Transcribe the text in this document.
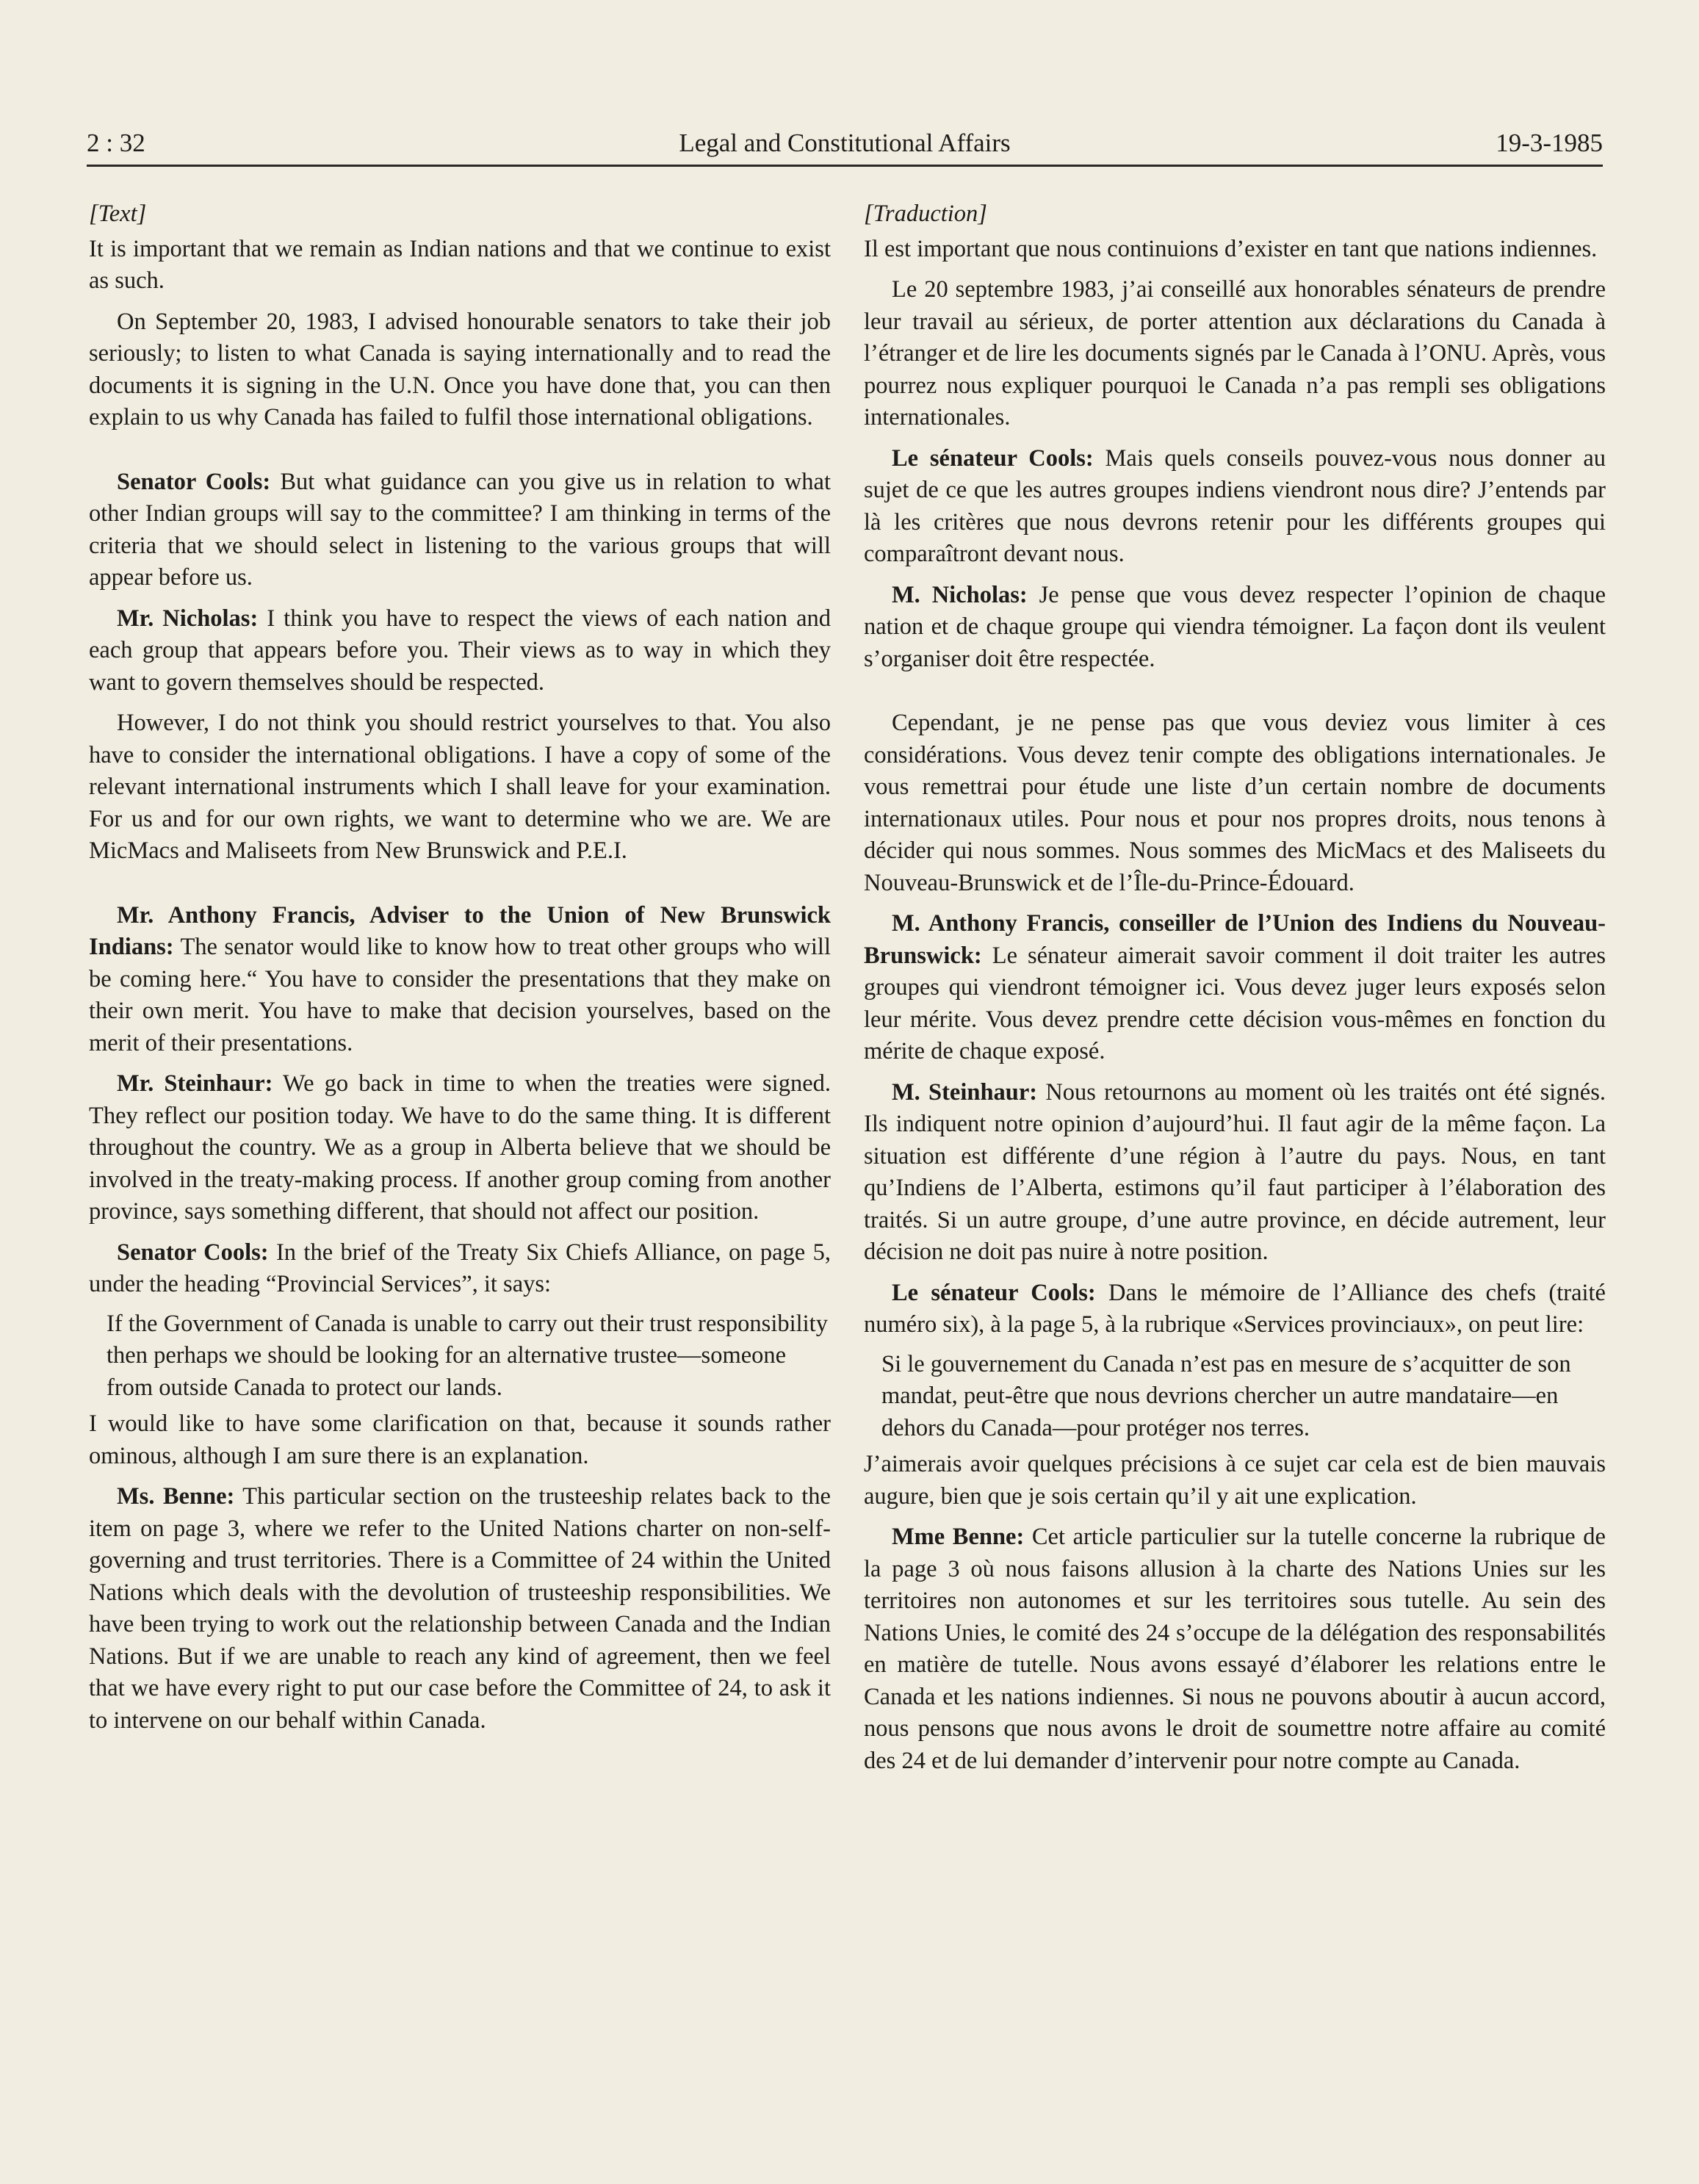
2 : 32	Legal and Constitutional Affairs	19-3-1985

[Text]

It is important that we remain as Indian nations and that we continue to exist as such.

On September 20, 1983, I advised honourable senators to take their job seriously; to listen to what Canada is saying internationally and to read the documents it is signing in the U.N. Once you have done that, you can then explain to us why Canada has failed to fulfil those international obligations.

Senator Cools: But what guidance can you give us in relation to what other Indian groups will say to the committee? I am thinking in terms of the criteria that we should select in listening to the various groups that will appear before us.

Mr. Nicholas: I think you have to respect the views of each nation and each group that appears before you. Their views as to way in which they want to govern themselves should be respected.

However, I do not think you should restrict yourselves to that. You also have to consider the international obligations. I have a copy of some of the relevant international instruments which I shall leave for your examination. For us and for our own rights, we want to determine who we are. We are MicMacs and Maliseets from New Brunswick and P.E.I.

Mr. Anthony Francis, Adviser to the Union of New Brunswick Indians: The senator would like to know how to treat other groups who will be coming here.“ You have to consider the presentations that they make on their own merit. You have to make that decision yourselves, based on the merit of their presentations.

Mr. Steinhaur: We go back in time to when the treaties were signed. They reflect our position today. We have to do the same thing. It is different throughout the country. We as a group in Alberta believe that we should be involved in the treaty-making process. If another group coming from another province, says something different, that should not affect our position.

Senator Cools: In the brief of the Treaty Six Chiefs Alliance, on page 5, under the heading “Provincial Services”, it says:

If the Government of Canada is unable to carry out their trust responsibility then perhaps we should be looking for an alternative trustee—someone from outside Canada to protect our lands.

I would like to have some clarification on that, because it sounds rather ominous, although I am sure there is an explanation.

Ms. Benne: This particular section on the trusteeship relates back to the item on page 3, where we refer to the United Nations charter on non-self-governing and trust territories. There is a Committee of 24 within the United Nations which deals with the devolution of trusteeship responsibilities. We have been trying to work out the relationship between Canada and the Indian Nations. But if we are unable to reach any kind of agreement, then we feel that we have every right to put our case before the Committee of 24, to ask it to intervene on our behalf within Canada.

[Traduction]

Il est important que nous continuions d’exister en tant que nations indiennes.

Le 20 septembre 1983, j’ai conseillé aux honorables sénateurs de prendre leur travail au sérieux, de porter attention aux déclarations du Canada à l’étranger et de lire les documents signés par le Canada à l’ONU. Après, vous pourrez nous expliquer pourquoi le Canada n’a pas rempli ses obligations internationales.

Le sénateur Cools: Mais quels conseils pouvez-vous nous donner au sujet de ce que les autres groupes indiens viendront nous dire? J’entends par là les critères que nous devrons retenir pour les différents groupes qui comparaîtront devant nous.

M. Nicholas: Je pense que vous devez respecter l’opinion de chaque nation et de chaque groupe qui viendra témoigner. La façon dont ils veulent s’organiser doit être respectée.

Cependant, je ne pense pas que vous deviez vous limiter à ces considérations. Vous devez tenir compte des obligations internationales. Je vous remettrai pour étude une liste d’un certain nombre de documents internationaux utiles. Pour nous et pour nos propres droits, nous tenons à décider qui nous sommes. Nous sommes des MicMacs et des Maliseets du Nouveau-Brunswick et de l’Île-du-Prince-Édouard.

M. Anthony Francis, conseiller de l’Union des Indiens du Nouveau-Brunswick: Le sénateur aimerait savoir comment il doit traiter les autres groupes qui viendront témoigner ici. Vous devez juger leurs exposés selon leur mérite. Vous devez prendre cette décision vous-mêmes en fonction du mérite de chaque exposé.

M. Steinhaur: Nous retournons au moment où les traités ont été signés. Ils indiquent notre opinion d’aujourd’hui. Il faut agir de la même façon. La situation est différente d’une région à l’autre du pays. Nous, en tant qu’Indiens de l’Alberta, estimons qu’il faut participer à l’élaboration des traités. Si un autre groupe, d’une autre province, en décide autrement, leur décision ne doit pas nuire à notre position.

Le sénateur Cools: Dans le mémoire de l’Alliance des chefs (traité numéro six), à la page 5, à la rubrique «Services provinciaux», on peut lire:

Si le gouvernement du Canada n’est pas en mesure de s’acquitter de son mandat, peut-être que nous devrions chercher un autre mandataire—en dehors du Canada—pour protéger nos terres.

J’aimerais avoir quelques précisions à ce sujet car cela est de bien mauvais augure, bien que je sois certain qu’il y ait une explication.

Mme Benne: Cet article particulier sur la tutelle concerne la rubrique de la page 3 où nous faisons allusion à la charte des Nations Unies sur les territoires non autonomes et sur les territoires sous tutelle. Au sein des Nations Unies, le comité des 24 s’occupe de la délégation des responsabilités en matière de tutelle. Nous avons essayé d’élaborer les relations entre le Canada et les nations indiennes. Si nous ne pouvons aboutir à aucun accord, nous pensons que nous avons le droit de soumettre notre affaire au comité des 24 et de lui demander d’intervenir pour notre compte au Canada.
